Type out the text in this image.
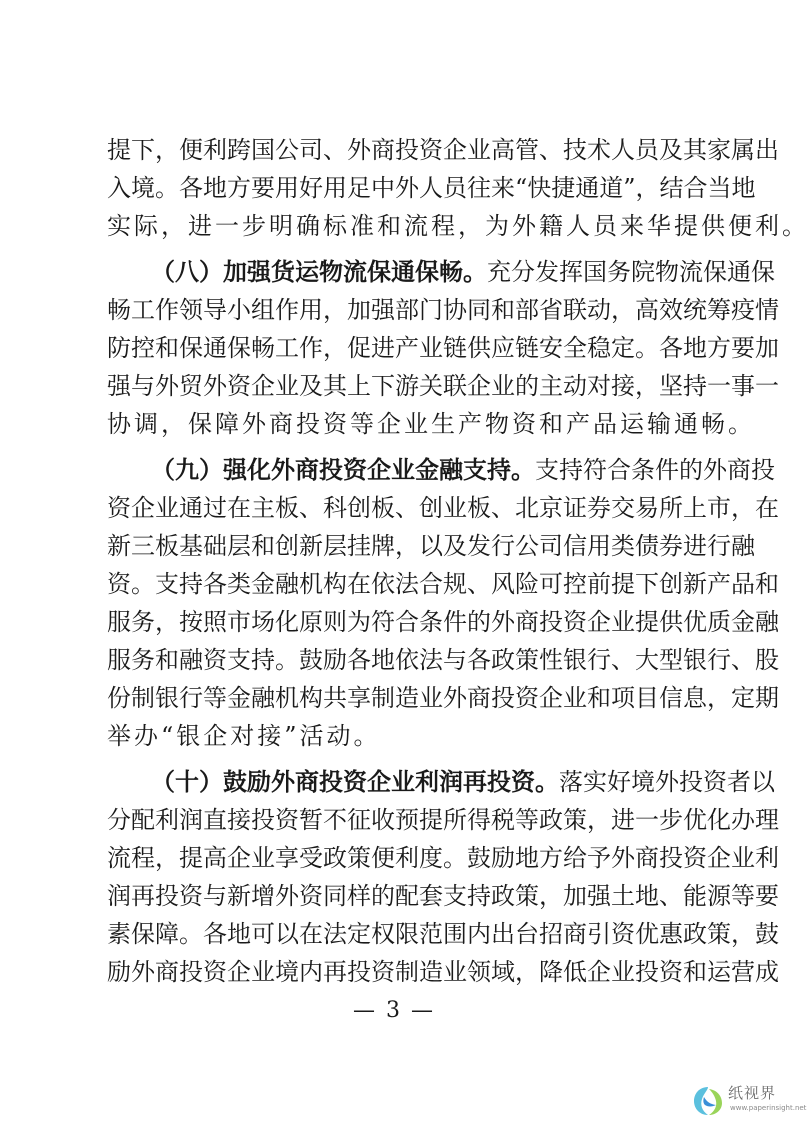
提下，便利跨国公司、外商投资企业高管、技术人员及其家属出
入境。各地方要用好用足中外人员往来“快捷通道”，结合当地
实际，进一步明确标准和流程，为外籍人员来华提供便利。
（八）加强货运物流保通保畅。充分发挥国务院物流保通保
畅工作领导小组作用，加强部门协同和部省联动，高效统筹疫情
防控和保通保畅工作，促进产业链供应链安全稳定。各地方要加
强与外贸外资企业及其上下游关联企业的主动对接，坚持一事一
协调，保障外商投资等企业生产物资和产品运输通畅。
（九）强化外商投资企业金融支持。支持符合条件的外商投
资企业通过在主板、科创板、创业板、北京证券交易所上市，在
新三板基础层和创新层挂牌，以及发行公司信用类债券进行融
资。支持各类金融机构在依法合规、风险可控前提下创新产品和
服务，按照市场化原则为符合条件的外商投资企业提供优质金融
服务和融资支持。鼓励各地依法与各政策性银行、大型银行、股
份制银行等金融机构共享制造业外商投资企业和项目信息，定期
举办“银企对接”活动。
（十）鼓励外商投资企业利润再投资。落实好境外投资者以
分配利润直接投资暂不征收预提所得税等政策，进一步优化办理
流程，提高企业享受政策便利度。鼓励地方给予外商投资企业利
润再投资与新增外资同样的配套支持政策，加强土地、能源等要
素保障。各地可以在法定权限范围内出台招商引资优惠政策，鼓
励外商投资企业境内再投资制造业领域，降低企业投资和运营成
— 3 —
纸视界
www.paperinsight.net
